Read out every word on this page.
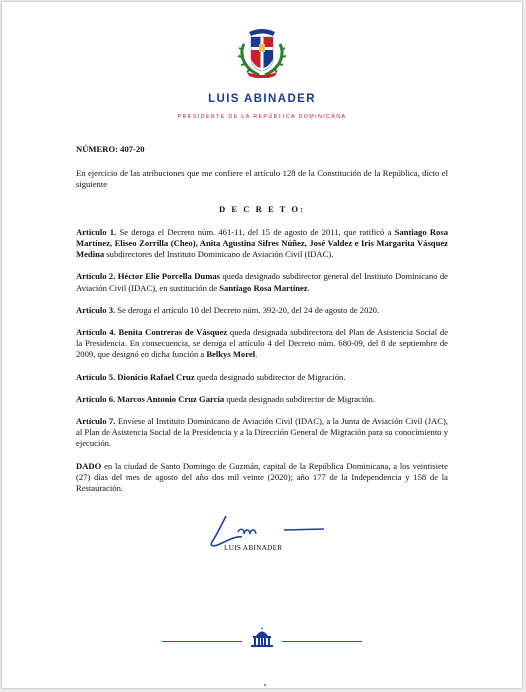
LUIS ABINADER
PRESIDENTE DE LA REPÚBLICA DOMINICANA

NÚMERO: 407-20

En ejercicio de las atribuciones que me confiere el artículo 128 de la Constitución de la República, dicto el siguiente

D E C R E T O:

Artículo 1. Se deroga el Decreto núm. 461-11, del 15 de agosto de 2011, que ratificó a Santiago Rosa Martínez, Eliseo Zorrilla (Cheo), Anita Agustina Sifres Núñez, José Valdez e Iris Margarita Vásquez Medina subdirectores del Instituto Dominicano de Aviación Civil (IDAC).

Artículo 2. Héctor Elie Porcella Dumas queda designado subdirector general del Instituto Dominicano de Aviación Civil (IDAC), en sustitución de Santiago Rosa Martínez.

Artículo 3. Se deroga el artículo 10 del Decreto núm. 392-20, del 24 de agosto de 2020.

Artículo 4. Benita Contreras de Vásquez queda designada subdirectora del Plan de Asistencia Social de la Presidencia. En consecuencia, se deroga el artículo 4 del Decreto núm. 680-09, del 8 de septiembre de 2009, que designó en dicha función a Belkys Morel.

Artículo 5. Dionicio Rafael Cruz queda designado subdirector de Migración.

Artículo 6. Marcos Antonio Cruz García queda designado subdirector de Migración.

Artículo 7. Envíese al Instituto Dominicano de Aviación Civil (IDAC), a la Junta de Aviación Civil (JAC), al Plan de Asistencia Social de la Presidencia y a la Dirección General de Migración para su conocimiento y ejecución.

DADO en la ciudad de Santo Domingo de Guzmán, capital de la República Dominicana, a los veintisiete (27) días del mes de agosto del año dos mil veinte (2020); año 177 de la Independencia y 158 de la Restauración.

LUIS ABINADER
